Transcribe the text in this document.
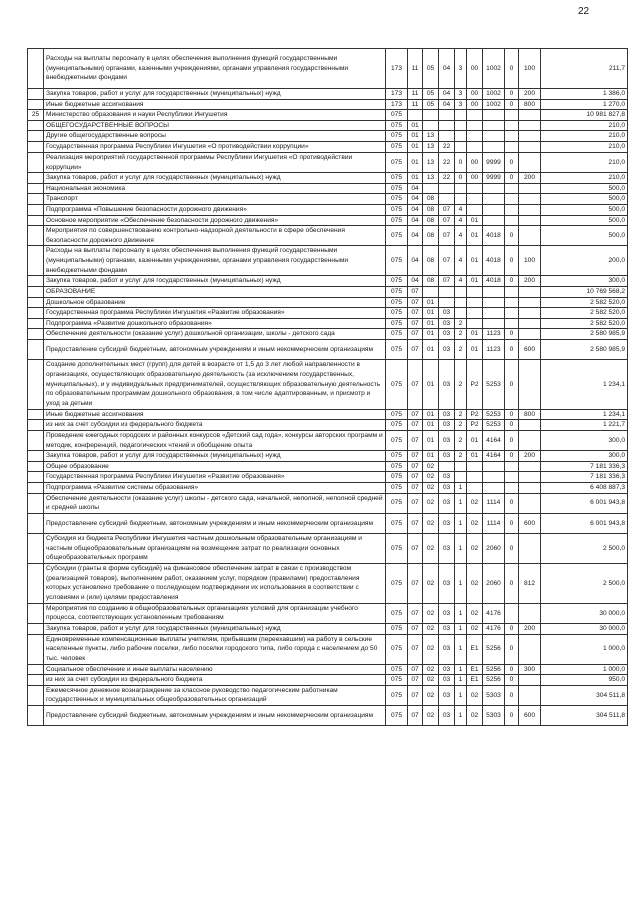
22
	Расходы на выплаты персоналу в целях обеспечения выполнения функций государственными (муниципальными) органами, казенными учреждениями, органами управления государственными внебюджетными фондами	173	11	05	04	3	00	1002	0	100	211,7
	Закупка товаров, работ и услуг для государственных (муниципальных) нужд	173	11	05	04	3	00	1002	0	200	1 386,0
	Иные бюджетные ассигнования	173	11	05	04	3	00	1002	0	800	1 270,0
25	Министерство образования и науки Республики Ингушетия	075									10 981 827,8
	ОБЩЕГОСУДАРСТВЕННЫЕ ВОПРОСЫ	075	01								210,0
	Другие общегосударственные вопросы	075	01	13							210,0
	Государственная программа Республики Ингушетия «О противодействии коррупции»	075	01	13	22						210,0
	Реализация мероприятий государственной программы Республики Ингушетия «О противодействии коррупции»	075	01	13	22	0	00	9999	0		210,0
	Закупка товаров, работ и услуг для государственных (муниципальных) нужд	075	01	13	22	0	00	9999	0	200	210,0
	Национальная экономика	075	04								500,0
	Транспорт	075	04	08							500,0
	Подпрограмма «Повышение безопасности дорожного движения»	075	04	08	07	4					500,0
	Основное мероприятие «Обеспечение безопасности дорожного движения»	075	04	08	07	4	01				500,0
	Мероприятия по совершенствованию контрольно-надзорной деятельности в сфере обеспечения безопасности дорожного движения	075	04	08	07	4	01	4018	0		500,0
	Расходы на выплаты персоналу в целях обеспечения выполнения функций государственными (муниципальными) органами, казенными учреждениями, органами управления государственными внебюджетными фондами	075	04	08	07	4	01	4018	0	100	200,0
	Закупка товаров, работ и услуг для государственных (муниципальных) нужд	075	04	08	07	4	01	4018	0	200	300,0
	ОБРАЗОВАНИЕ	075	07								10 769 568,2
	Дошкольное образование	075	07	01							2 582 520,0
	Государственная программа Республики Ингушетия «Развитие образования»	075	07	01	03						2 582 520,0
	Подпрограмма «Развитие дошкольного образования»	075	07	01	03	2					2 582 520,0
	Обеспечение деятельности (оказание услуг) дошкольной организации, школы - детского сада	075	07	01	03	2	01	1123	0		2 580 985,9
	Предоставление субсидий бюджетным, автономным учреждениям и иным некоммерческим организациям	075	07	01	03	2	01	1123	0	600	2 580 985,9
	Создание дополнительных мест (групп) для детей в возрасте от 1,5 до 3 лет любой направленности в организациях, осуществляющих образовательную деятельность (за исключением государственных, муниципальных), и у индивидуальных предпринимателей, осуществляющих образовательную деятельность по образовательным программам дошкольного образования, в том числе адаптированным, и присмотр и уход за детьми	075	07	01	03	2	P2	5253	0		1 234,1
	Иные бюджетные ассигнования	075	07	01	03	2	P2	5253	0	800	1 234,1
	из них за счет субсидии из федерального бюджета	075	07	01	03	2	P2	5253	0		1 221,7
	Проведение ежегодных городских и районных конкурсов «Детский сад года», конкурсы авторских программ и методик, конференций, педагогических чтений и обобщение опыта	075	07	01	03	2	01	4164	0		300,0
	Закупка товаров, работ и услуг для государственных (муниципальных) нужд	075	07	01	03	2	01	4164	0	200	300,0
	Общее образование	075	07	02							7 181 336,3
	Государственная программа Республики Ингушетия «Развитие образования»	075	07	02	03						7 181 336,3
	Подпрограмма «Развитие системы образования»	075	07	02	03	1					6 408 887,3
	Обеспечение деятельности (оказание услуг) школы - детского сада, начальной, неполной, неполной средней и средней школы	075	07	02	03	1	02	1114	0		6 001 943,8
	Предоставление субсидий бюджетным, автономным учреждениям и иным некоммерческим организациям	075	07	02	03	1	02	1114	0	600	6 001 943,8
	Субсидия из бюджета Республики Ингушетия частным дошкольным образовательным организациям и частным общеобразовательным организациям на возмещение затрат по реализации основных общеобразовательных программ	075	07	02	03	1	02	2060	0		2 500,0
	Субсидии (гранты в форме субсидий) на финансовое обеспечение затрат в связи с производством (реализацией товаров), выполнением работ, оказанием услуг, порядком (правилами) предоставления которых установлено требование о последующем подтверждении их использования в соответствии с условиями и (или) целями предоставления	075	07	02	03	1	02	2060	0	812	2 500,0
	Мероприятия по созданию в общеобразовательных организациях условий для организации учебного процесса, соответствующих установленным требованиям	075	07	02	03	1	02	4176			30 000,0
	Закупка товаров, работ и услуг для государственных (муниципальных) нужд	075	07	02	03	1	02	4176	0	200	30 000,0
	Единовременные компенсационные выплаты учителям, прибывшим (переехавшим) на работу в сельские населенные пункты, либо рабочие поселки, либо поселки городского типа, либо города с населением до 50 тыс. человек	075	07	02	03	1	E1	5256	0		1 000,0
	Социальное обеспечение и иные выплаты населению	075	07	02	03	1	E1	5256	0	300	1 000,0
	из них за счет субсидии из федерального бюджета	075	07	02	03	1	E1	5256	0		950,0
	Ежемесячное денежное вознаграждение за классное руководство педагогическим работникам государственных и муниципальных общеобразовательных организаций	075	07	02	03	1	02	5303	0		304 511,8
	Предоставление субсидий бюджетным, автономным учреждениям и иным некоммерческим организациям	075	07	02	03	1	02	5303	0	600	304 511,8
